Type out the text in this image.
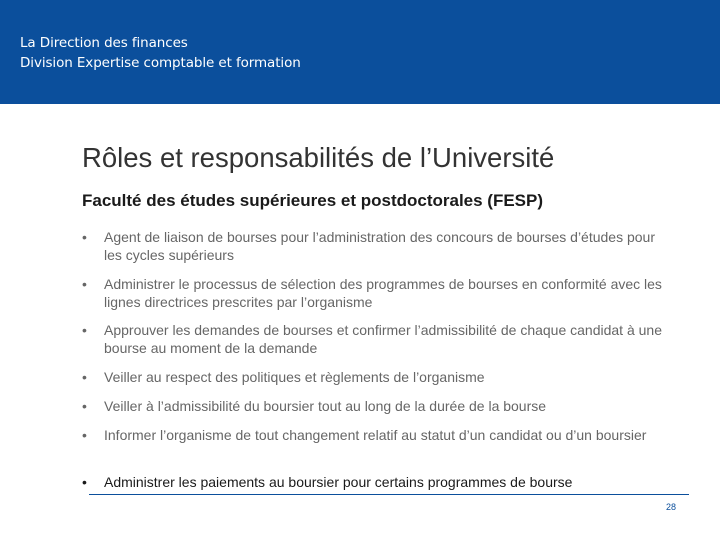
La Direction des finances
Division Expertise comptable et formation
Rôles et responsabilités de l’Université
Faculté des études supérieures et postdoctorales (FESP)
• Agent de liaison de bourses pour l’administration des concours de bourses d’études pour les cycles supérieurs
• Administrer le processus de sélection des programmes de bourses en conformité avec les lignes directrices prescrites par l’organisme
• Approuver les demandes de bourses et confirmer l’admissibilité de chaque candidat à une bourse au moment de la demande
• Veiller au respect des politiques et règlements de l’organisme
• Veiller à l’admissibilité du boursier tout au long de la durée de la bourse
• Informer l’organisme de tout changement relatif au statut d’un candidat ou d’un boursier
• Administrer les paiements au boursier pour certains programmes de bourse
28
